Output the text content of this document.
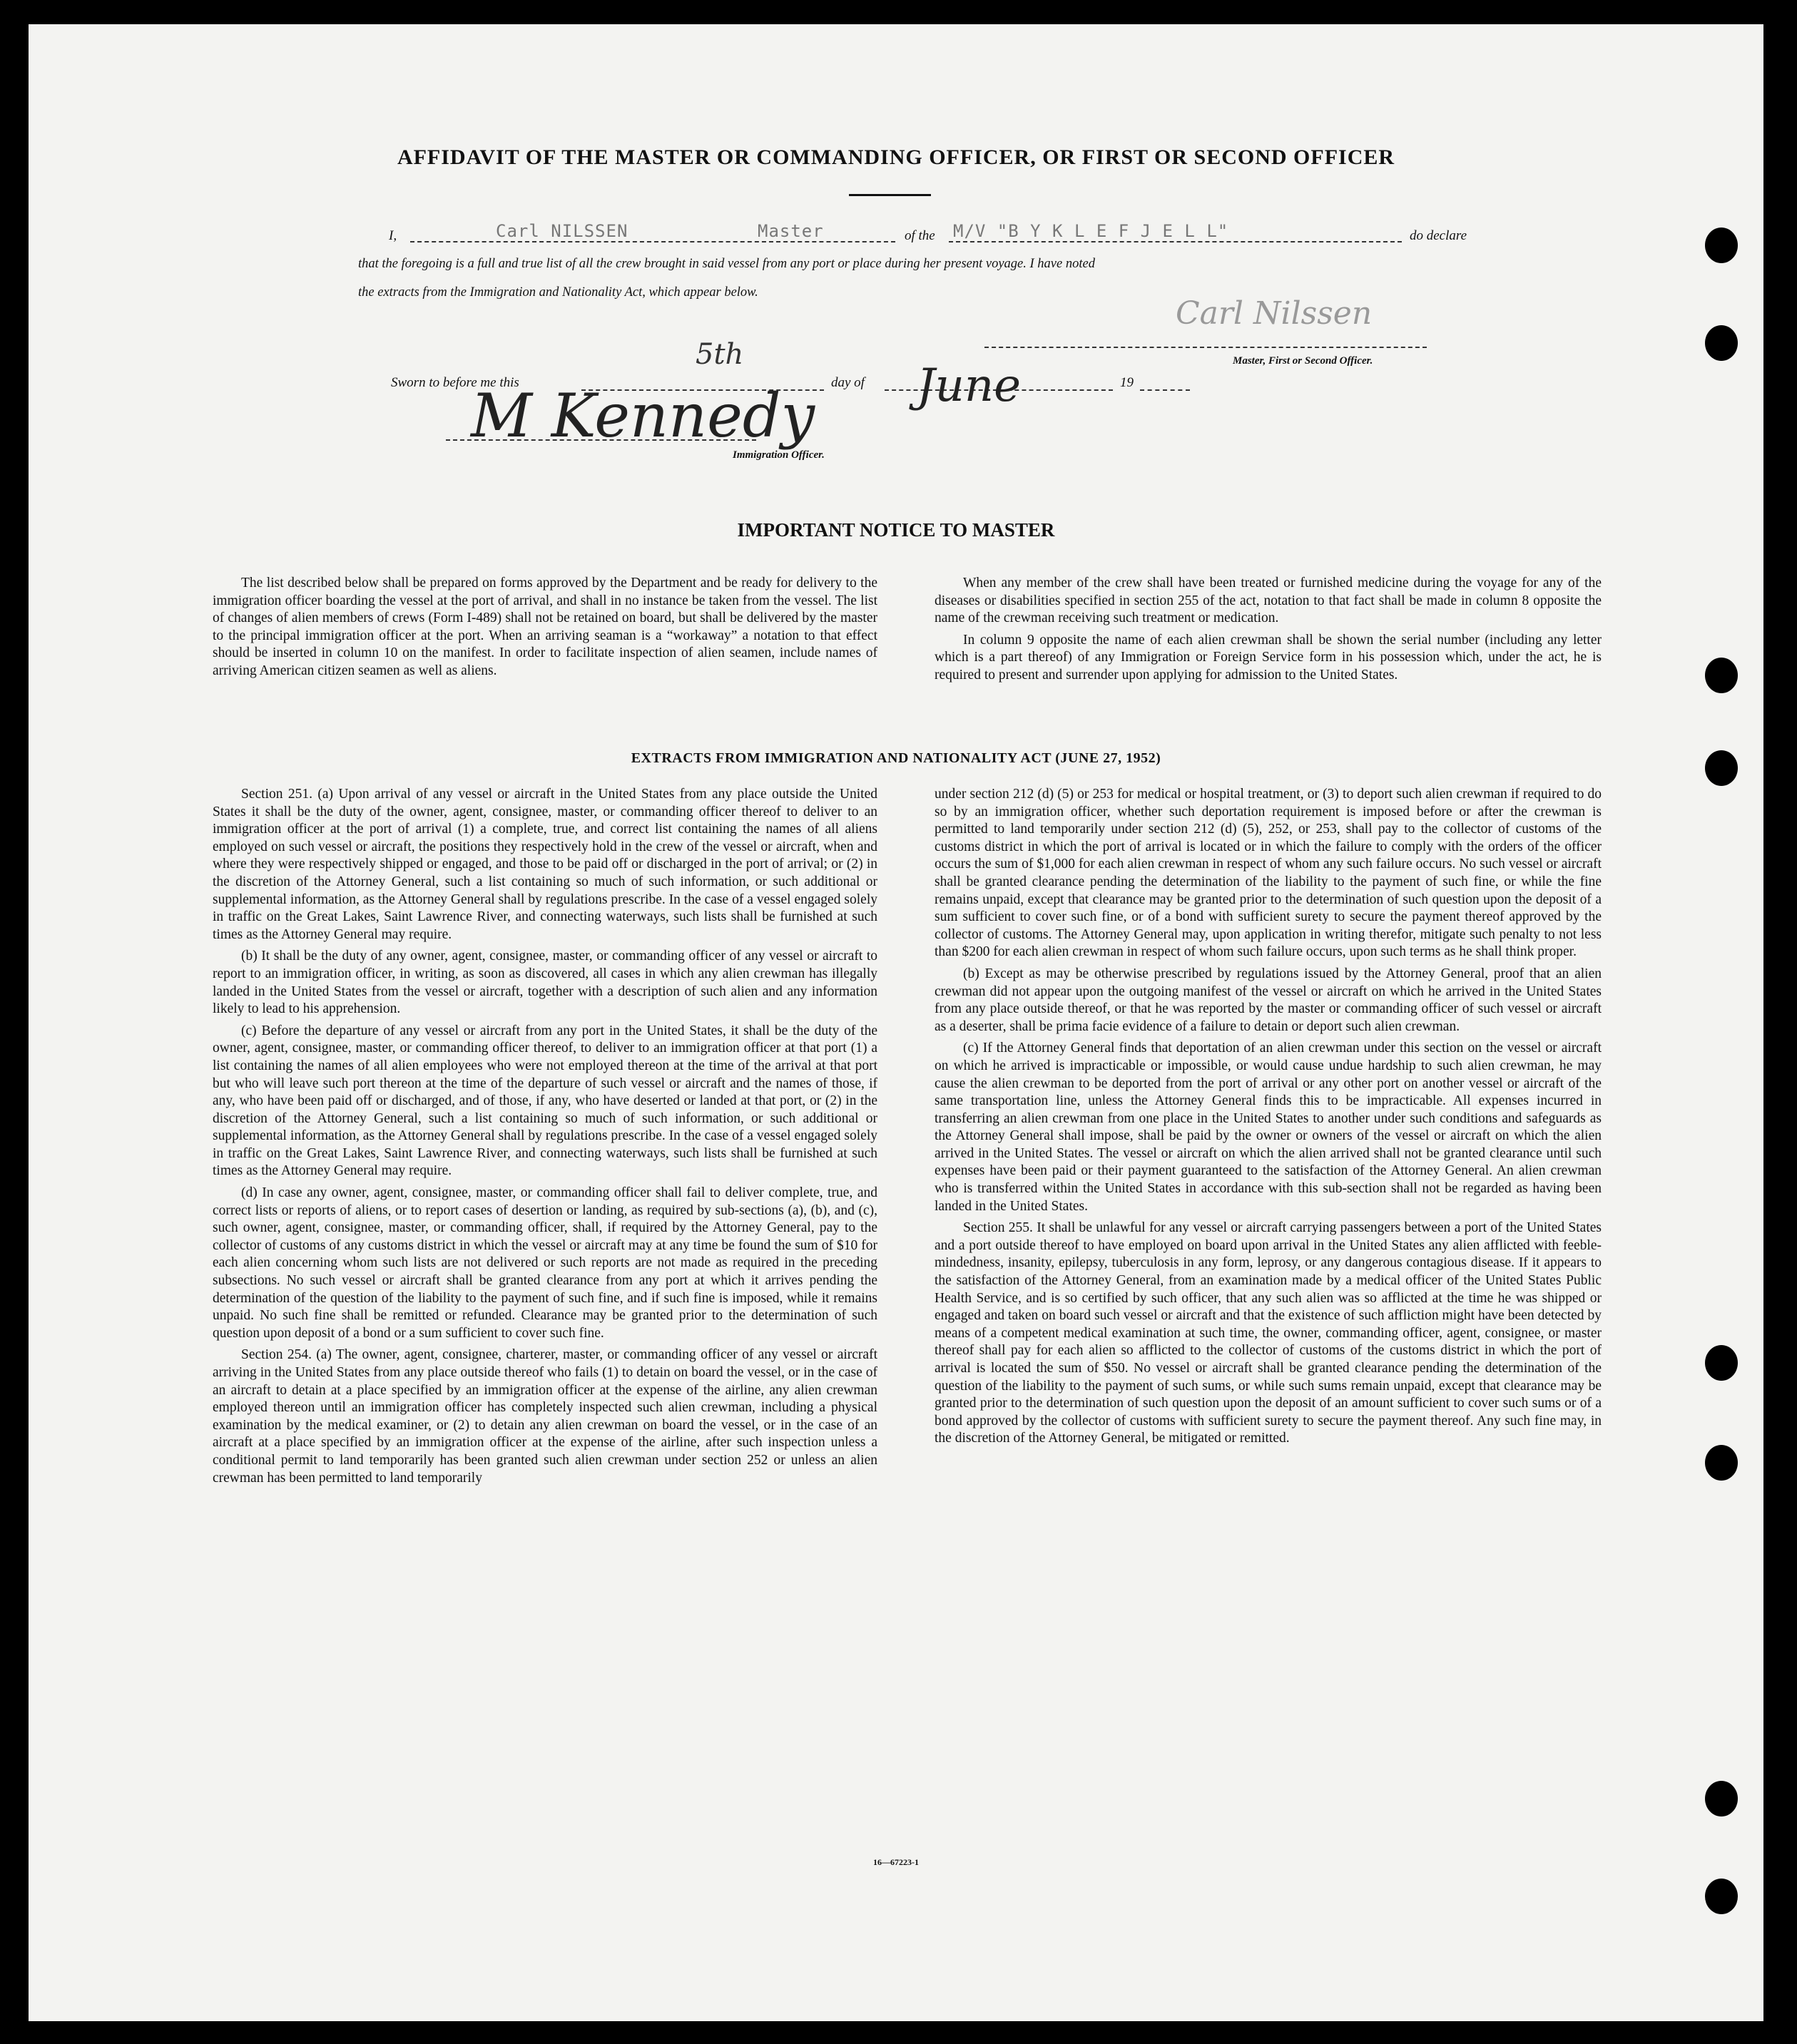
AFFIDAVIT OF THE MASTER OR COMMANDING OFFICER, OR FIRST OR SECOND OFFICER
I,	Carl NILSSEN	Master	of the M/V "B Y K L E F J E L L"	do declare
that the foregoing is a full and true list of all the crew brought in said vessel from any port or place during her present voyage. I have noted
the extracts from the Immigration and Nationality Act, which appear below.
Carl Nilssen
Master, First or Second Officer.
Sworn to before me this
5th
day of June	19
M Kennedy
Immigration Officer.
IMPORTANT NOTICE TO MASTER

The list described below shall be prepared on forms approved by the Department and be ready for delivery to the immigration officer boarding the vessel at the port of arrival, and shall in no instance be taken from the vessel. The list of changes of alien members of crews (Form I-489) shall not be retained on board, but shall be delivered by the master to the principal immigration officer at the port. When an arriving seaman is a “workaway” a notation to that effect should be inserted in column 10 on the manifest. In order to facilitate inspection of alien seamen, include names of arriving American citizen seamen as well as aliens.

When any member of the crew shall have been treated or furnished medicine during the voyage for any of the diseases or disabilities specified in section 255 of the act, notation to that fact shall be made in column 8 opposite the name of the crewman receiving such treatment or medication.

In column 9 opposite the name of each alien crewman shall be shown the serial number (including any letter which is a part thereof) of any Immigration or Foreign Service form in his possession which, under the act, he is required to present and surrender upon applying for admission to the United States.

EXTRACTS FROM IMMIGRATION AND NATIONALITY ACT (JUNE 27, 1952)

Section 251. (a) Upon arrival of any vessel or aircraft in the United States from any place outside the United States it shall be the duty of the owner, agent, consignee, master, or commanding officer thereof to deliver to an immigration officer at the port of arrival (1) a complete, true, and correct list containing the names of all aliens employed on such vessel or aircraft, the positions they respectively hold in the crew of the vessel or aircraft, when and where they were respectively shipped or engaged, and those to be paid off or discharged in the port of arrival; or (2) in the discretion of the Attorney General, such a list containing so much of such information, or such additional or supplemental information, as the Attorney General shall by regulations prescribe. In the case of a vessel engaged solely in traffic on the Great Lakes, Saint Lawrence River, and connecting waterways, such lists shall be furnished at such times as the Attorney General may require.

(b) It shall be the duty of any owner, agent, consignee, master, or commanding officer of any vessel or aircraft to report to an immigration officer, in writing, as soon as discovered, all cases in which any alien crewman has illegally landed in the United States from the vessel or aircraft, together with a description of such alien and any information likely to lead to his apprehension.

(c) Before the departure of any vessel or aircraft from any port in the United States, it shall be the duty of the owner, agent, consignee, master, or commanding officer thereof, to deliver to an immigration officer at that port (1) a list containing the names of all alien employees who were not employed thereon at the time of the arrival at that port but who will leave such port thereon at the time of the departure of such vessel or aircraft and the names of those, if any, who have been paid off or discharged, and of those, if any, who have deserted or landed at that port, or (2) in the discretion of the Attorney General, such a list containing so much of such information, or such additional or supplemental information, as the Attorney General shall by regulations prescribe. In the case of a vessel engaged solely in traffic on the Great Lakes, Saint Lawrence River, and connecting waterways, such lists shall be furnished at such times as the Attorney General may require.

(d) In case any owner, agent, consignee, master, or commanding officer shall fail to deliver complete, true, and correct lists or reports of aliens, or to report cases of desertion or landing, as required by sub-sections (a), (b), and (c), such owner, agent, consignee, master, or commanding officer, shall, if required by the Attorney General, pay to the collector of customs of any customs district in which the vessel or aircraft may at any time be found the sum of $10 for each alien concerning whom such lists are not delivered or such reports are not made as required in the preceding subsections. No such vessel or aircraft shall be granted clearance from any port at which it arrives pending the determination of the question of the liability to the payment of such fine, and if such fine is imposed, while it remains unpaid. No such fine shall be remitted or refunded. Clearance may be granted prior to the determination of such question upon deposit of a bond or a sum sufficient to cover such fine.

Section 254. (a) The owner, agent, consignee, charterer, master, or commanding officer of any vessel or aircraft arriving in the United States from any place outside thereof who fails (1) to detain on board the vessel, or in the case of an aircraft to detain at a place specified by an immigration officer at the expense of the airline, any alien crewman employed thereon until an immigration officer has completely inspected such alien crewman, including a physical examination by the medical examiner, or (2) to detain any alien crewman on board the vessel, or in the case of an aircraft at a place specified by an immigration officer at the expense of the airline, after such inspection unless a conditional permit to land temporarily has been granted such alien crewman under section 252 or unless an alien crewman has been permitted to land temporarily

under section 212 (d) (5) or 253 for medical or hospital treatment, or (3) to deport such alien crewman if required to do so by an immigration officer, whether such deportation requirement is imposed before or after the crewman is permitted to land temporarily under section 212 (d) (5), 252, or 253, shall pay to the collector of customs of the customs district in which the port of arrival is located or in which the failure to comply with the orders of the officer occurs the sum of $1,000 for each alien crewman in respect of whom any such failure occurs. No such vessel or aircraft shall be granted clearance pending the determination of the liability to the payment of such fine, or while the fine remains unpaid, except that clearance may be granted prior to the determination of such question upon the deposit of a sum sufficient to cover such fine, or of a bond with sufficient surety to secure the payment thereof approved by the collector of customs. The Attorney General may, upon application in writing therefor, mitigate such penalty to not less than $200 for each alien crewman in respect of whom such failure occurs, upon such terms as he shall think proper.

(b) Except as may be otherwise prescribed by regulations issued by the Attorney General, proof that an alien crewman did not appear upon the outgoing manifest of the vessel or aircraft on which he arrived in the United States from any place outside thereof, or that he was reported by the master or commanding officer of such vessel or aircraft as a deserter, shall be prima facie evidence of a failure to detain or deport such alien crewman.

(c) If the Attorney General finds that deportation of an alien crewman under this section on the vessel or aircraft on which he arrived is impracticable or impossible, or would cause undue hardship to such alien crewman, he may cause the alien crewman to be deported from the port of arrival or any other port on another vessel or aircraft of the same transportation line, unless the Attorney General finds this to be impracticable. All expenses incurred in transferring an alien crewman from one place in the United States to another under such conditions and safeguards as the Attorney General shall impose, shall be paid by the owner or owners of the vessel or aircraft on which the alien arrived in the United States. The vessel or aircraft on which the alien arrived shall not be granted clearance until such expenses have been paid or their payment guaranteed to the satisfaction of the Attorney General. An alien crewman who is transferred within the United States in accordance with this sub-section shall not be regarded as having been landed in the United States.

Section 255. It shall be unlawful for any vessel or aircraft carrying passengers between a port of the United States and a port outside thereof to have employed on board upon arrival in the United States any alien afflicted with feeble-mindedness, insanity, epilepsy, tuberculosis in any form, leprosy, or any dangerous contagious disease. If it appears to the satisfaction of the Attorney General, from an examination made by a medical officer of the United States Public Health Service, and is so certified by such officer, that any such alien was so afflicted at the time he was shipped or engaged and taken on board such vessel or aircraft and that the existence of such affliction might have been detected by means of a competent medical examination at such time, the owner, commanding officer, agent, consignee, or master thereof shall pay for each alien so afflicted to the collector of customs of the customs district in which the port of arrival is located the sum of $50. No vessel or aircraft shall be granted clearance pending the determination of the question of the liability to the payment of such sums, or while such sums remain unpaid, except that clearance may be granted prior to the determination of such question upon the deposit of an amount sufficient to cover such sums or of a bond approved by the collector of customs with sufficient surety to secure the payment thereof. Any such fine may, in the discretion of the Attorney General, be mitigated or remitted.

16—67223-1
